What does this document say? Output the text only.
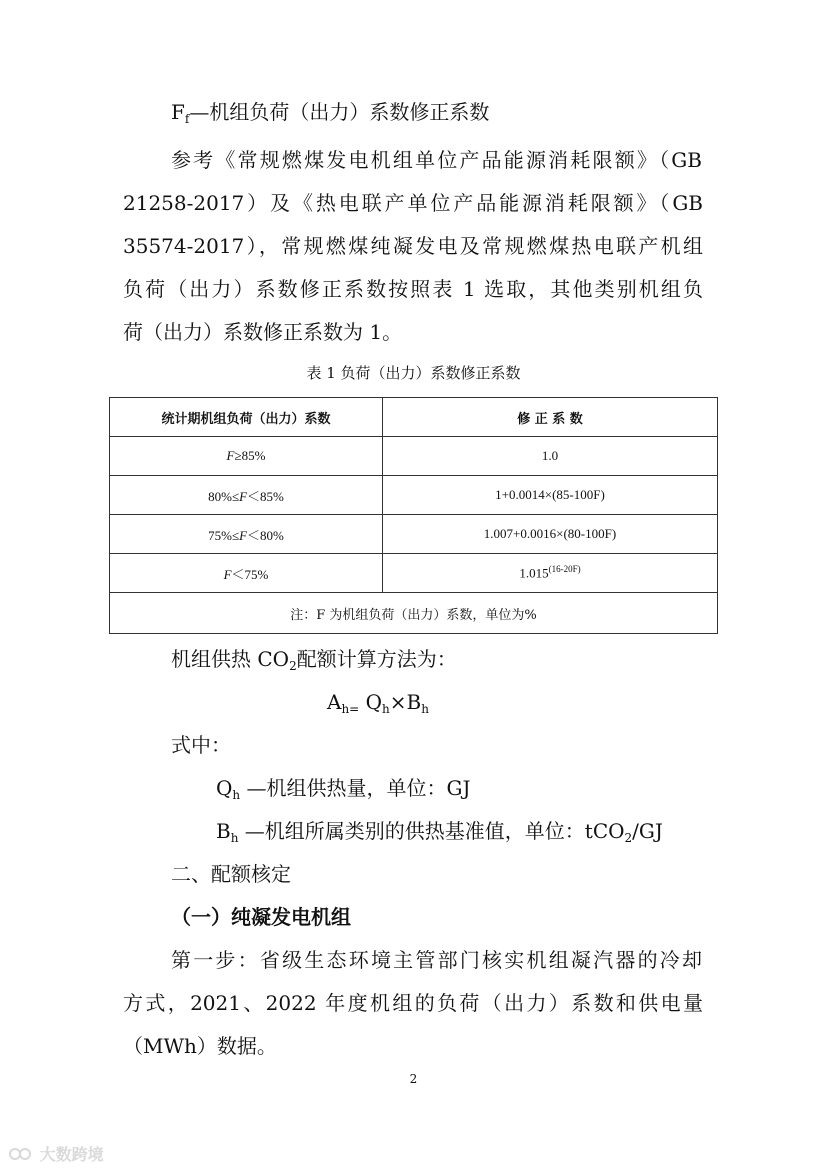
$F_f—$机组负荷（出力）系数修正系数
参考《常规燃煤发电机组单位产品能源消耗限额》（GB
21258-2017）及《热电联产单位产品能源消耗限额》（GB
35574-2017），常规燃煤纯凝发电及常规燃煤热电联产机组
负荷（出力）系数修正系数按照表 1 选取，其他类别机组负
荷（出力）系数修正系数为 1。
表 1 负荷（出力）系数修正系数
统计期机组负荷（出力）系数	修 正 系 数
F≥85%	1.0
80%≤F＜85%	1+0.0014×(85-100F)
75%≤F＜80%	1.007+0.0016×(80-100F)
F＜75%	$1.015^{(16-20F)}$
注：F 为机组负荷（出力）系数，单位为%	
机组供热 $CO_2$配额计算方法为：
$A_{h=}$ $Q_h\times B_h$
式中：
$Q_h$ —机组供热量，单位：GJ
$B_h$ —机组所属类别的供热基准值，单位：tCO$_2$/GJ
二、配额核定
（一）纯凝发电机组
第一步：省级生态环境主管部门核实机组凝汽器的冷却
方式，2021、2022 年度机组的负荷（出力）系数和供电量
（MWh）数据。
2
大数跨境
